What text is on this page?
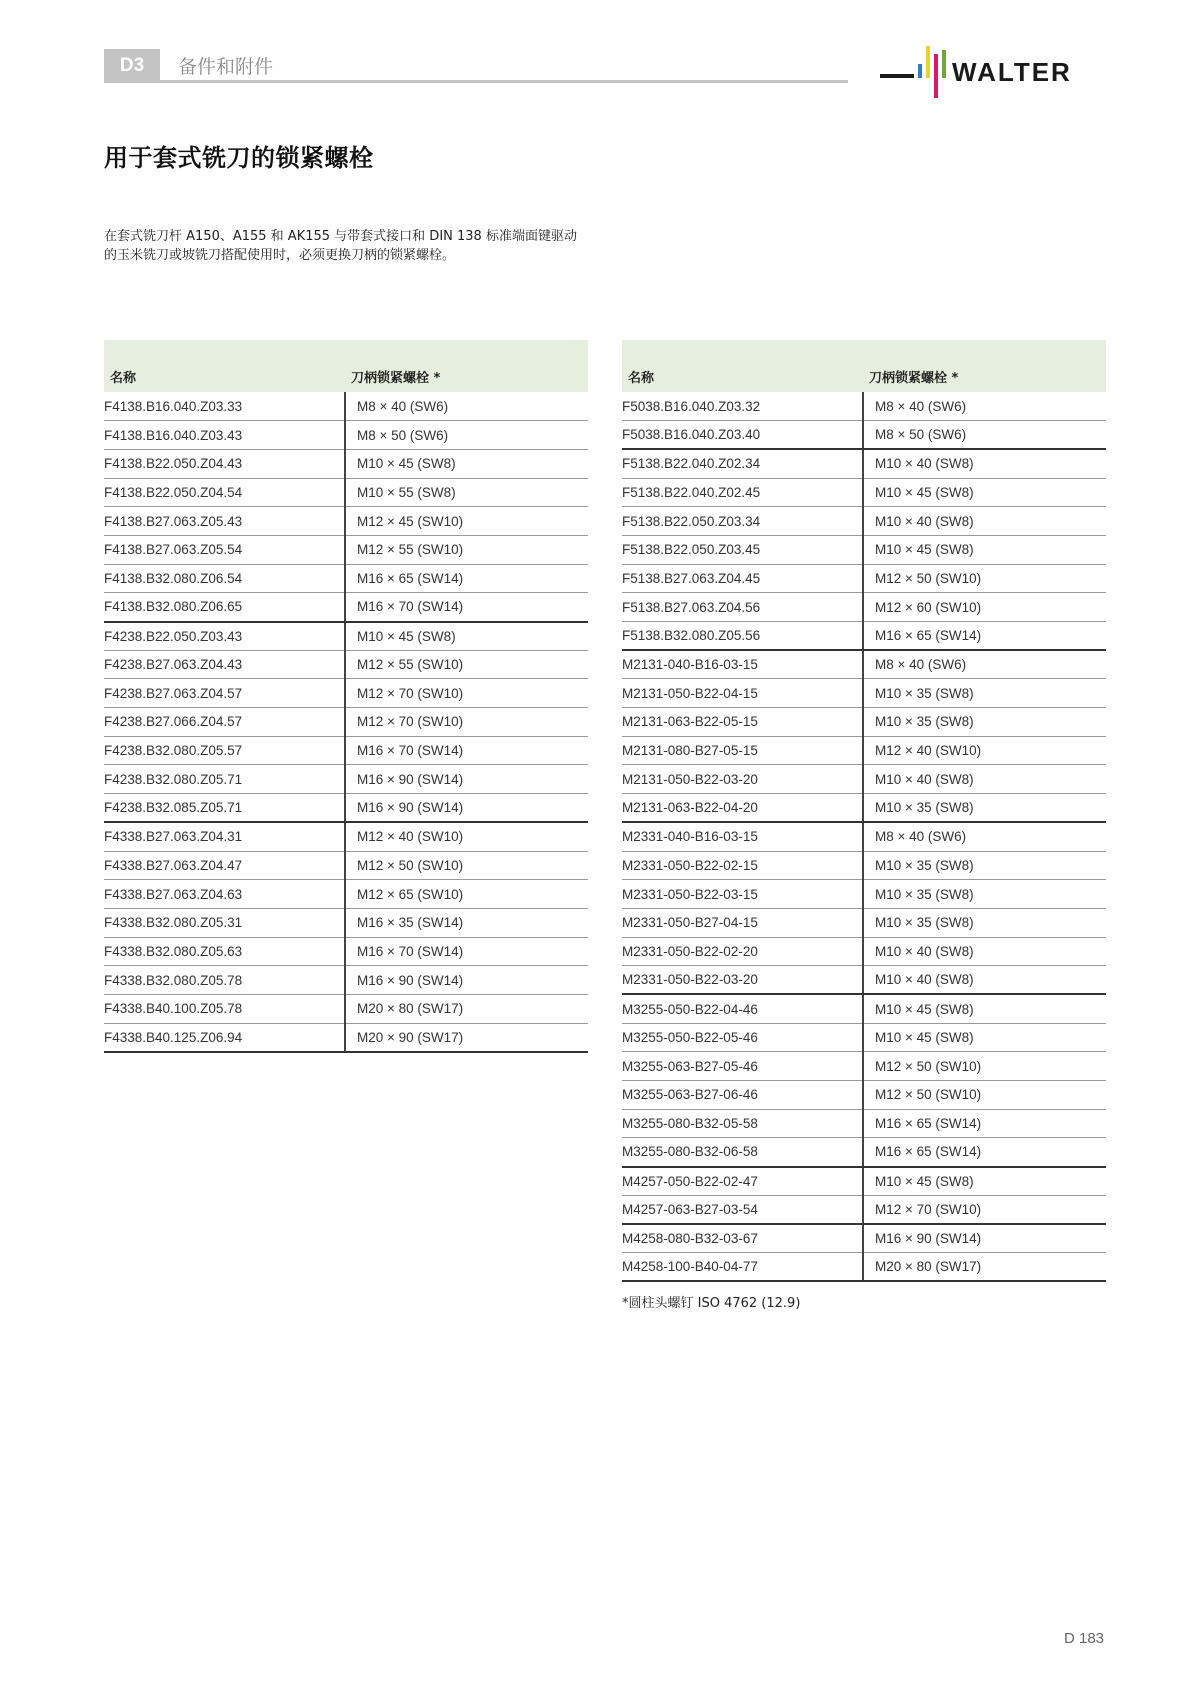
D3	备件和附件	WALTER
用于套式铣刀的锁紧螺栓
在套式铣刀杆 A150、A155 和 AK155 与带套式接口和 DIN 138 标准端面键驱动
的玉米铣刀或坡铣刀搭配使用时，必须更换刀柄的锁紧螺栓。
名称	刀柄锁紧螺栓 *
F4138.B16.040.Z03.33	M8 × 40 (SW6)
F4138.B16.040.Z03.43	M8 × 50 (SW6)
F4138.B22.050.Z04.43	M10 × 45 (SW8)
F4138.B22.050.Z04.54	M10 × 55 (SW8)
F4138.B27.063.Z05.43	M12 × 45 (SW10)
F4138.B27.063.Z05.54	M12 × 55 (SW10)
F4138.B32.080.Z06.54	M16 × 65 (SW14)
F4138.B32.080.Z06.65	M16 × 70 (SW14)
F4238.B22.050.Z03.43	M10 × 45 (SW8)
F4238.B27.063.Z04.43	M12 × 55 (SW10)
F4238.B27.063.Z04.57	M12 × 70 (SW10)
F4238.B27.066.Z04.57	M12 × 70 (SW10)
F4238.B32.080.Z05.57	M16 × 70 (SW14)
F4238.B32.080.Z05.71	M16 × 90 (SW14)
F4238.B32.085.Z05.71	M16 × 90 (SW14)
F4338.B27.063.Z04.31	M12 × 40 (SW10)
F4338.B27.063.Z04.47	M12 × 50 (SW10)
F4338.B27.063.Z04.63	M12 × 65 (SW10)
F4338.B32.080.Z05.31	M16 × 35 (SW14)
F4338.B32.080.Z05.63	M16 × 70 (SW14)
F4338.B32.080.Z05.78	M16 × 90 (SW14)
F4338.B40.100.Z05.78	M20 × 80 (SW17)
F4338.B40.125.Z06.94	M20 × 90 (SW17)
名称	刀柄锁紧螺栓 *
F5038.B16.040.Z03.32	M8 × 40 (SW6)
F5038.B16.040.Z03.40	M8 × 50 (SW6)
F5138.B22.040.Z02.34	M10 × 40 (SW8)
F5138.B22.040.Z02.45	M10 × 45 (SW8)
F5138.B22.050.Z03.34	M10 × 40 (SW8)
F5138.B22.050.Z03.45	M10 × 45 (SW8)
F5138.B27.063.Z04.45	M12 × 50 (SW10)
F5138.B27.063.Z04.56	M12 × 60 (SW10)
F5138.B32.080.Z05.56	M16 × 65 (SW14)
M2131-040-B16-03-15	M8 × 40 (SW6)
M2131-050-B22-04-15	M10 × 35 (SW8)
M2131-063-B22-05-15	M10 × 35 (SW8)
M2131-080-B27-05-15	M12 × 40 (SW10)
M2131-050-B22-03-20	M10 × 40 (SW8)
M2131-063-B22-04-20	M10 × 35 (SW8)
M2331-040-B16-03-15	M8 × 40 (SW6)
M2331-050-B22-02-15	M10 × 35 (SW8)
M2331-050-B22-03-15	M10 × 35 (SW8)
M2331-050-B27-04-15	M10 × 35 (SW8)
M2331-050-B22-02-20	M10 × 40 (SW8)
M2331-050-B22-03-20	M10 × 40 (SW8)
M3255-050-B22-04-46	M10 × 45 (SW8)
M3255-050-B22-05-46	M10 × 45 (SW8)
M3255-063-B27-05-46	M12 × 50 (SW10)
M3255-063-B27-06-46	M12 × 50 (SW10)
M3255-080-B32-05-58	M16 × 65 (SW14)
M3255-080-B32-06-58	M16 × 65 (SW14)
M4257-050-B22-02-47	M10 × 45 (SW8)
M4257-063-B27-03-54	M12 × 70 (SW10)
M4258-080-B32-03-67	M16 × 90 (SW14)
M4258-100-B40-04-77	M20 × 80 (SW17)
*圆柱头螺钉 ISO 4762 (12.9)
D 183
